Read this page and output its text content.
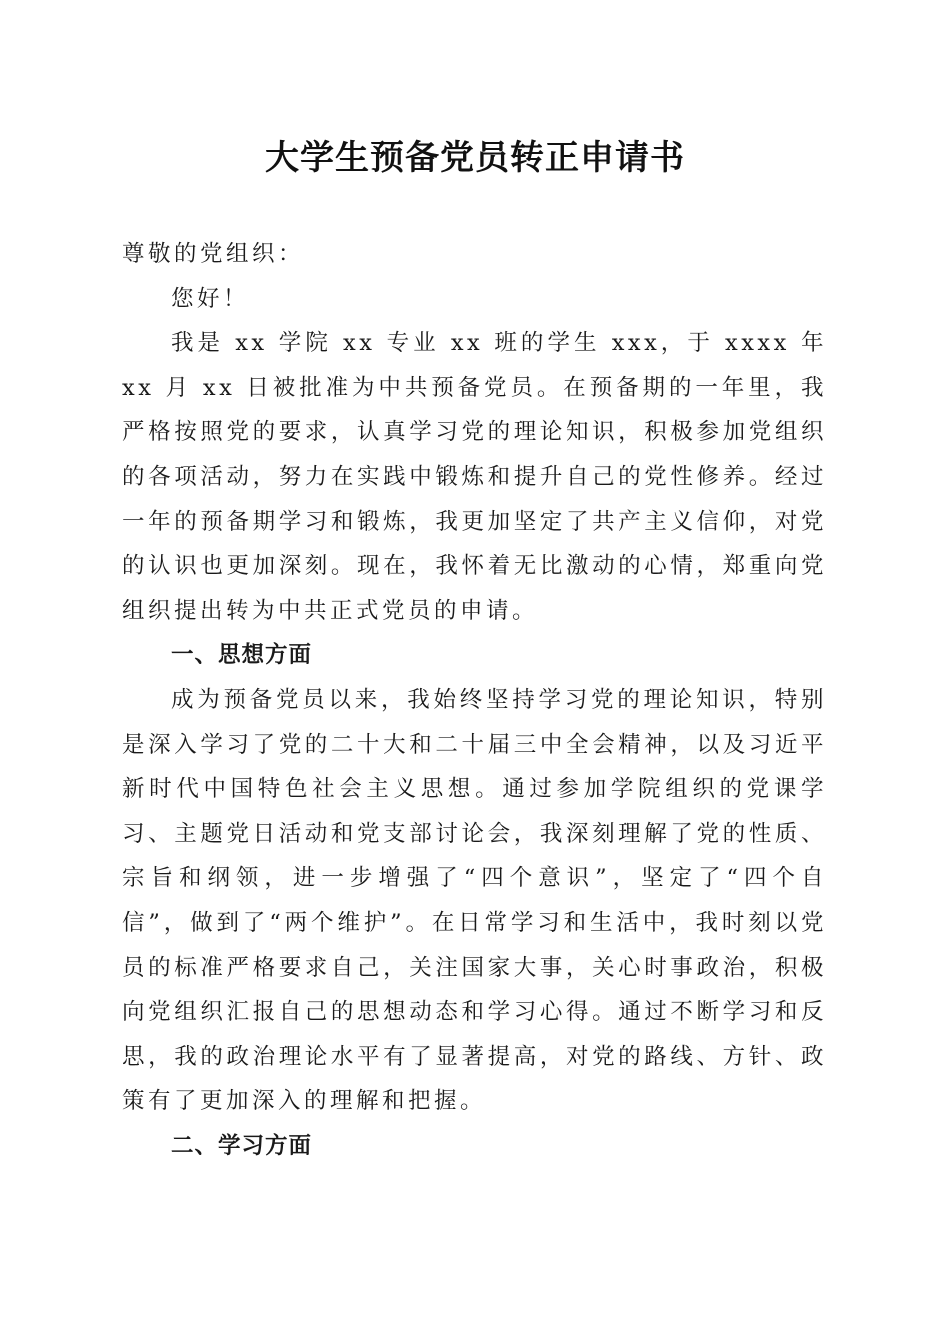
大学生预备党员转正申请书

尊敬的党组织：

您好！

我是 xx 学院 xx 专业 xx 班的学生 xxx，于 xxxx 年 xx 月 xx 日被批准为中共预备党员。在预备期的一年里，我严格按照党的要求，认真学习党的理论知识，积极参加党组织的各项活动，努力在实践中锻炼和提升自己的党性修养。经过一年的预备期学习和锻炼，我更加坚定了共产主义信仰，对党的认识也更加深刻。现在，我怀着无比激动的心情，郑重向党组织提出转为中共正式党员的申请。

一、思想方面

成为预备党员以来，我始终坚持学习党的理论知识，特别是深入学习了党的二十大和二十届三中全会精神，以及习近平新时代中国特色社会主义思想。通过参加学院组织的党课学习、主题党日活动和党支部讨论会，我深刻理解了党的性质、宗旨和纲领，进一步增强了“四个意识”，坚定了“四个自信”，做到了“两个维护”。在日常学习和生活中，我时刻以党员的标准严格要求自己，关注国家大事，关心时事政治，积极向党组织汇报自己的思想动态和学习心得。通过不断学习和反思，我的政治理论水平有了显著提高，对党的路线、方针、政策有了更加深入的理解和把握。

二、学习方面
